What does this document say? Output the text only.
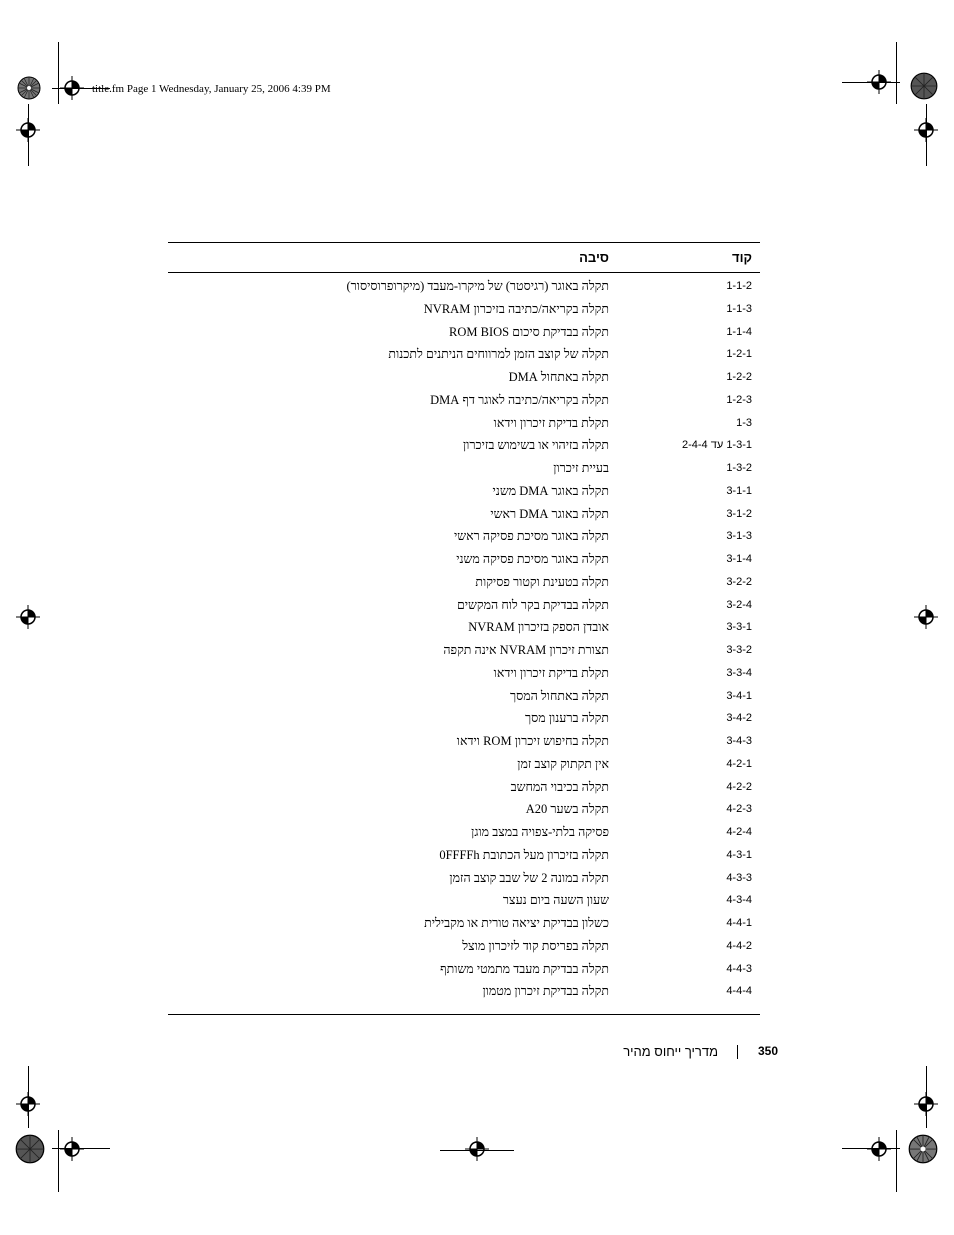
title.fm Page 1 Wednesday, January 25, 2006 4:39 PM
קוד
סיבה
1-1-2
תקלה באוגר (רגיסטר) של מיקרו-מעבד (מיקרופרוסיסור)
1-1-3
תקלה בקריאה/כתיבה בזיכרון NVRAM
1-1-4
תקלה בבדיקת סיכום ROM BIOS
1-2-1
תקלה של קוצב הזמן למרווחים הניתנים לתכנות
1-2-2
תקלה באתחול DMA
1-2-3
תקלה בקריאה/כתיבה לאוגר דף DMA
1-3
תקלת בדיקת זיכרון וידאו
1-3-1 עד 2-4-4
תקלה בזיהוי או בשימוש בזיכרון
1-3-2
בעיית זיכרון
3-1-1
תקלה באוגר DMA משני
3-1-2
תקלה באוגר DMA ראשי
3-1-3
תקלה באוגר מסיכת פסיקה ראשי
3-1-4
תקלה באוגר מסיכת פסיקה משני
3-2-2
תקלה בטעינת וקטור פסיקות
3-2-4
תקלה בבדיקת בקר לוח המקשים
3-3-1
אובדן הספק בזיכרון NVRAM
3-3-2
תצורת זיכרון NVRAM אינה תקפה
3-3-4
תקלת בדיקת זיכרון וידאו
3-4-1
תקלה באתחול המסך
3-4-2
תקלה ברענון מסך
3-4-3
תקלה בחיפוש זיכרון ROM וידאו
4-2-1
אין תקתוק קוצב זמן
4-2-2
תקלה בכיבוי המחשב
4-2-3
תקלה בשער A20
4-2-4
פסיקה בלתי-צפויה במצב מוגן
4-3-1
תקלה בזיכרון מעל הכתובת 0FFFFh
4-3-3
תקלה במונה 2 של שבב קוצב הזמן
4-3-4
שעון השעה ביום נעצר
4-4-1
כשלון בבדיקת יציאה טורית או מקבילית
4-4-2
תקלה בפריסת קוד לזיכרון מוצל
4-4-3
תקלה בבדיקת מעבד מתמטי משותף
4-4-4
תקלה בבדיקת זיכרון מטמון
מדריך ייחוס מהיר	350
